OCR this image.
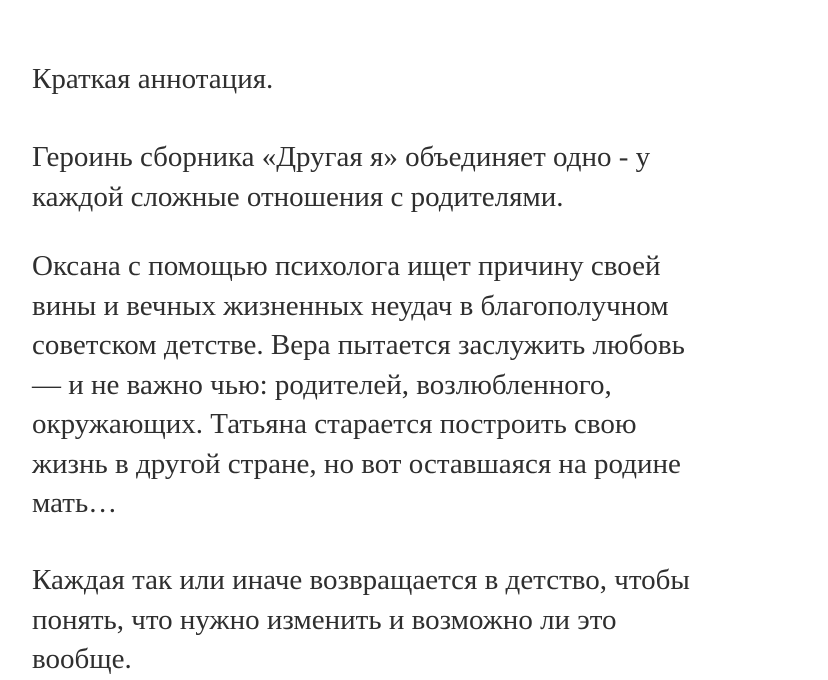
Краткая аннотация.

Героинь сборника «Другая я» объединяет одно - у
каждой сложные отношения с родителями.

Оксана с помощью психолога ищет причину своей
вины и вечных жизненных неудач в благополучном
советском детстве. Вера пытается заслужить любовь
— и не важно чью: родителей, возлюбленного,
окружающих. Татьяна старается построить свою
жизнь в другой стране, но вот оставшаяся на родине
мать…

Каждая так или иначе возвращается в детство, чтобы
понять, что нужно изменить и возможно ли это
вообще.
